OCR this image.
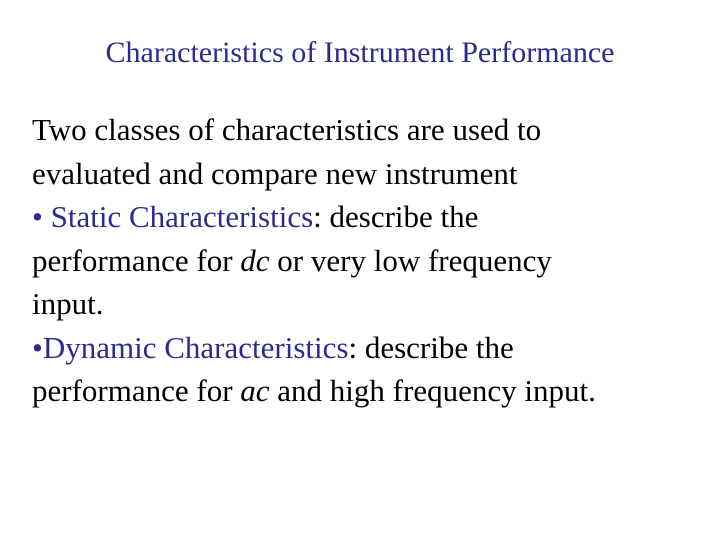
Characteristics of Instrument Performance
Two classes of characteristics are used to
evaluated and compare new instrument
• Static Characteristics: describe the
performance for dc or very low frequency
input.
•Dynamic Characteristics: describe the
performance for ac and high frequency input.
